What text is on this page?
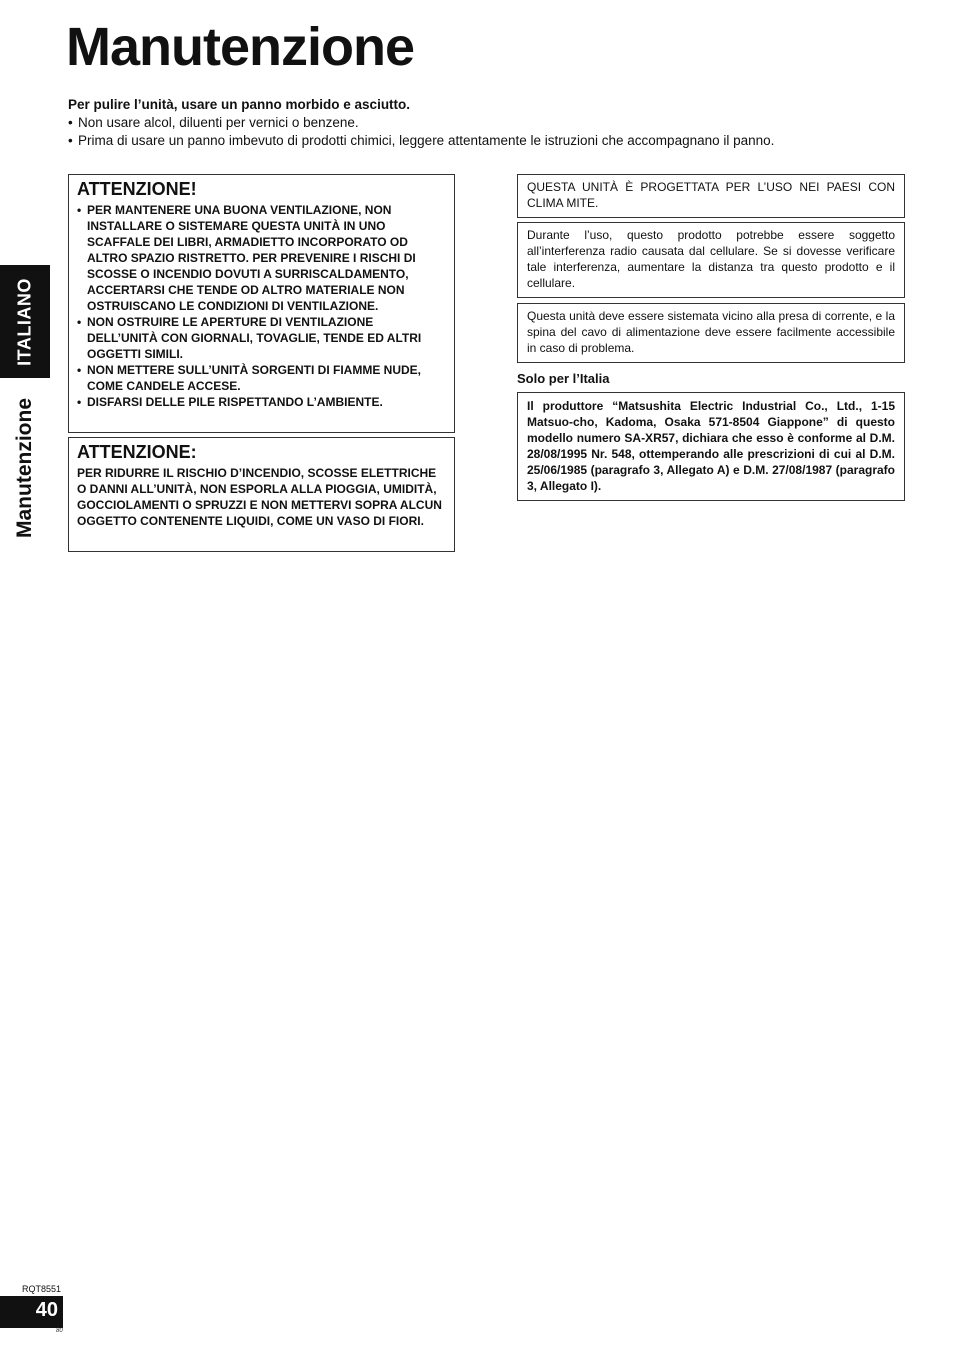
Manutenzione
Per pulire l’unità, usare un panno morbido e asciutto.
• Non usare alcol, diluenti per vernici o benzene.
• Prima di usare un panno imbevuto di prodotti chimici, leggere attentamente le istruzioni che accompagnano il panno.
ITALIANO
Manutenzione
ATTENZIONE!
• PER MANTENERE UNA BUONA VENTILAZIONE, NON INSTALLARE O SISTEMARE QUESTA UNITÀ IN UNO SCAFFALE DEI LIBRI, ARMADIETTO INCORPORATO OD ALTRO SPAZIO RISTRETTO. PER PREVENIRE I RISCHI DI SCOSSE O INCENDIO DOVUTI A SURRISCALDAMENTO, ACCERTARSI CHE TENDE OD ALTRO MATERIALE NON OSTRUISCANO LE CONDIZIONI DI VENTILAZIONE.
• NON OSTRUIRE LE APERTURE DI VENTILAZIONE DELL’UNITÀ CON GIORNALI, TOVAGLIE, TENDE ED ALTRI OGGETTI SIMILI.
• NON METTERE SULL’UNITÀ SORGENTI DI FIAMME NUDE, COME CANDELE ACCESE.
• DISFARSI DELLE PILE RISPETTANDO L’AMBIENTE.
ATTENZIONE:
PER RIDURRE IL RISCHIO D’INCENDIO, SCOSSE ELETTRICHE O DANNI ALL’UNITÀ, NON ESPORLA ALLA PIOGGIA, UMIDITÀ, GOCCIOLAMENTI O SPRUZZI E NON METTERVI SOPRA ALCUN OGGETTO CONTENENTE LIQUIDI, COME UN VASO DI FIORI.
QUESTA UNITÀ È PROGETTATA PER L’USO NEI PAESI CON CLIMA MITE.
Durante l’uso, questo prodotto potrebbe essere soggetto all’interferenza radio causata dal cellulare. Se si dovesse verificare tale interferenza, aumentare la distanza tra questo prodotto e il cellulare.
Questa unità deve essere sistemata vicino alla presa di corrente, e la spina del cavo di alimentazione deve essere facilmente accessibile in caso di problema.
Solo per l’Italia
Il produttore “Matsushita Electric Industrial Co., Ltd., 1-15 Matsuo-cho, Kadoma, Osaka 571-8504 Giappone” di questo modello numero SA-XR57, dichiara che esso è conforme al D.M. 28/08/1995 Nr. 548, ottemperando alle prescrizioni di cui al D.M. 25/06/1985 (paragrafo 3, Allegato A) e D.M. 27/08/1987 (paragrafo 3, Allegato I).
RQT8551
40
80
